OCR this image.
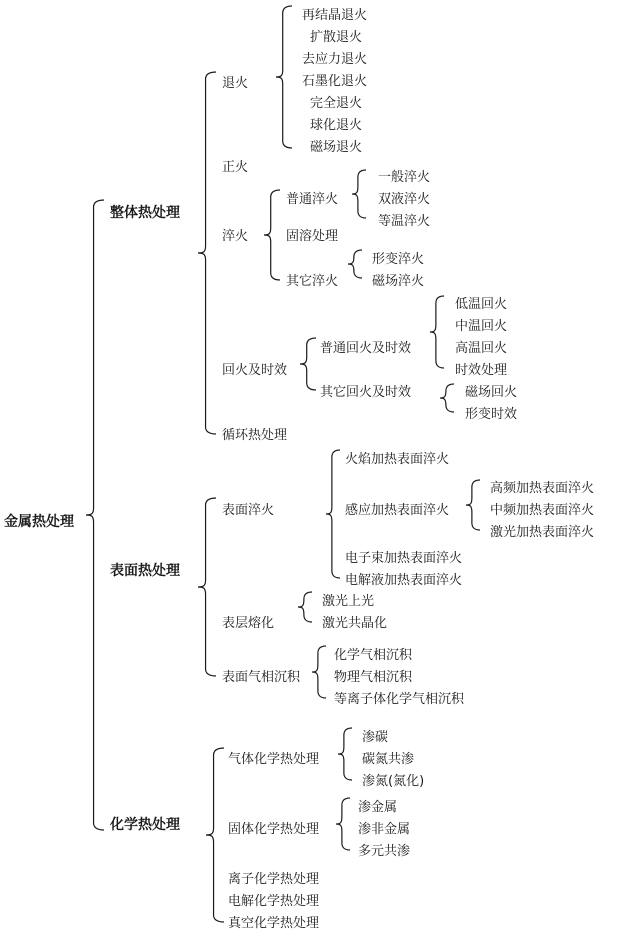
金属热处理
整体热处理
退火
再结晶退火
扩散退火
去应力退火
石墨化退火
完全退火
球化退火
磁场退火
正火
淬火
普通淬火
一般淬火
双液淬火
等温淬火
固溶处理
其它淬火
形变淬火
磁场淬火
回火及时效
普通回火及时效
低温回火
中温回火
高温回火
时效处理
其它回火及时效	磁场回火
形变时效
循环热处理
表面热处理
表面淬火
火焰加热表面淬火
感应加热表面淬火
高频加热表面淬火
中频加热表面淬火
激光加热表面淬火
电子束加热表面淬火
电解液加热表面淬火
表层熔化
激光上光
激光共晶化
表面气相沉积
化学气相沉积
物理气相沉积
等离子体化学气相沉积
化学热处理
气体化学热处理
渗碳
碳氮共渗
渗氮(氮化)
固体化学热处理
渗金属
渗非金属
多元共渗
离子化学热处理
电解化学热处理
真空化学热处理
